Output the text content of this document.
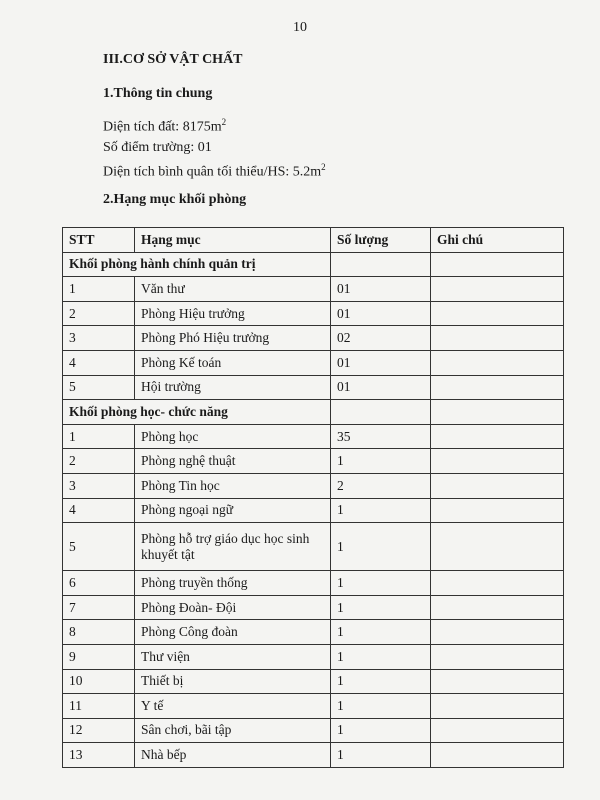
10
III.CƠ SỞ VẬT CHẤT
1.Thông tin chung
Diện tích đất: $8175m^2$
Số điểm trường: 01
Diện tích bình quân tối thiểu/HS: $5.2m^2$
2.Hạng mục khối phòng
STT	Hạng mục	Số lượng	Ghi chú
Khối phòng hành chính quản trị			
1	Văn thư	01	
2	Phòng Hiệu trưởng	01	
3	Phòng Phó Hiệu trưởng	02	
4	Phòng Kế toán	01	
5	Hội trường	01	
Khối phòng học- chức năng			
1	Phòng học	35	
2	Phòng nghệ thuật	1	
3	Phòng Tin học	2	
4	Phòng ngoại ngữ	1	
5	Phòng hỗ trợ giáo dục học sinh khuyết tật	1	
6	Phòng truyền thống	1	
7	Phòng Đoàn- Đội	1	
8	Phòng Công đoàn	1	
9	Thư viện	1	
10	Thiết bị	1	
11	Y tế	1	
12	Sân chơi, bãi tập	1	
13	Nhà bếp	1	
